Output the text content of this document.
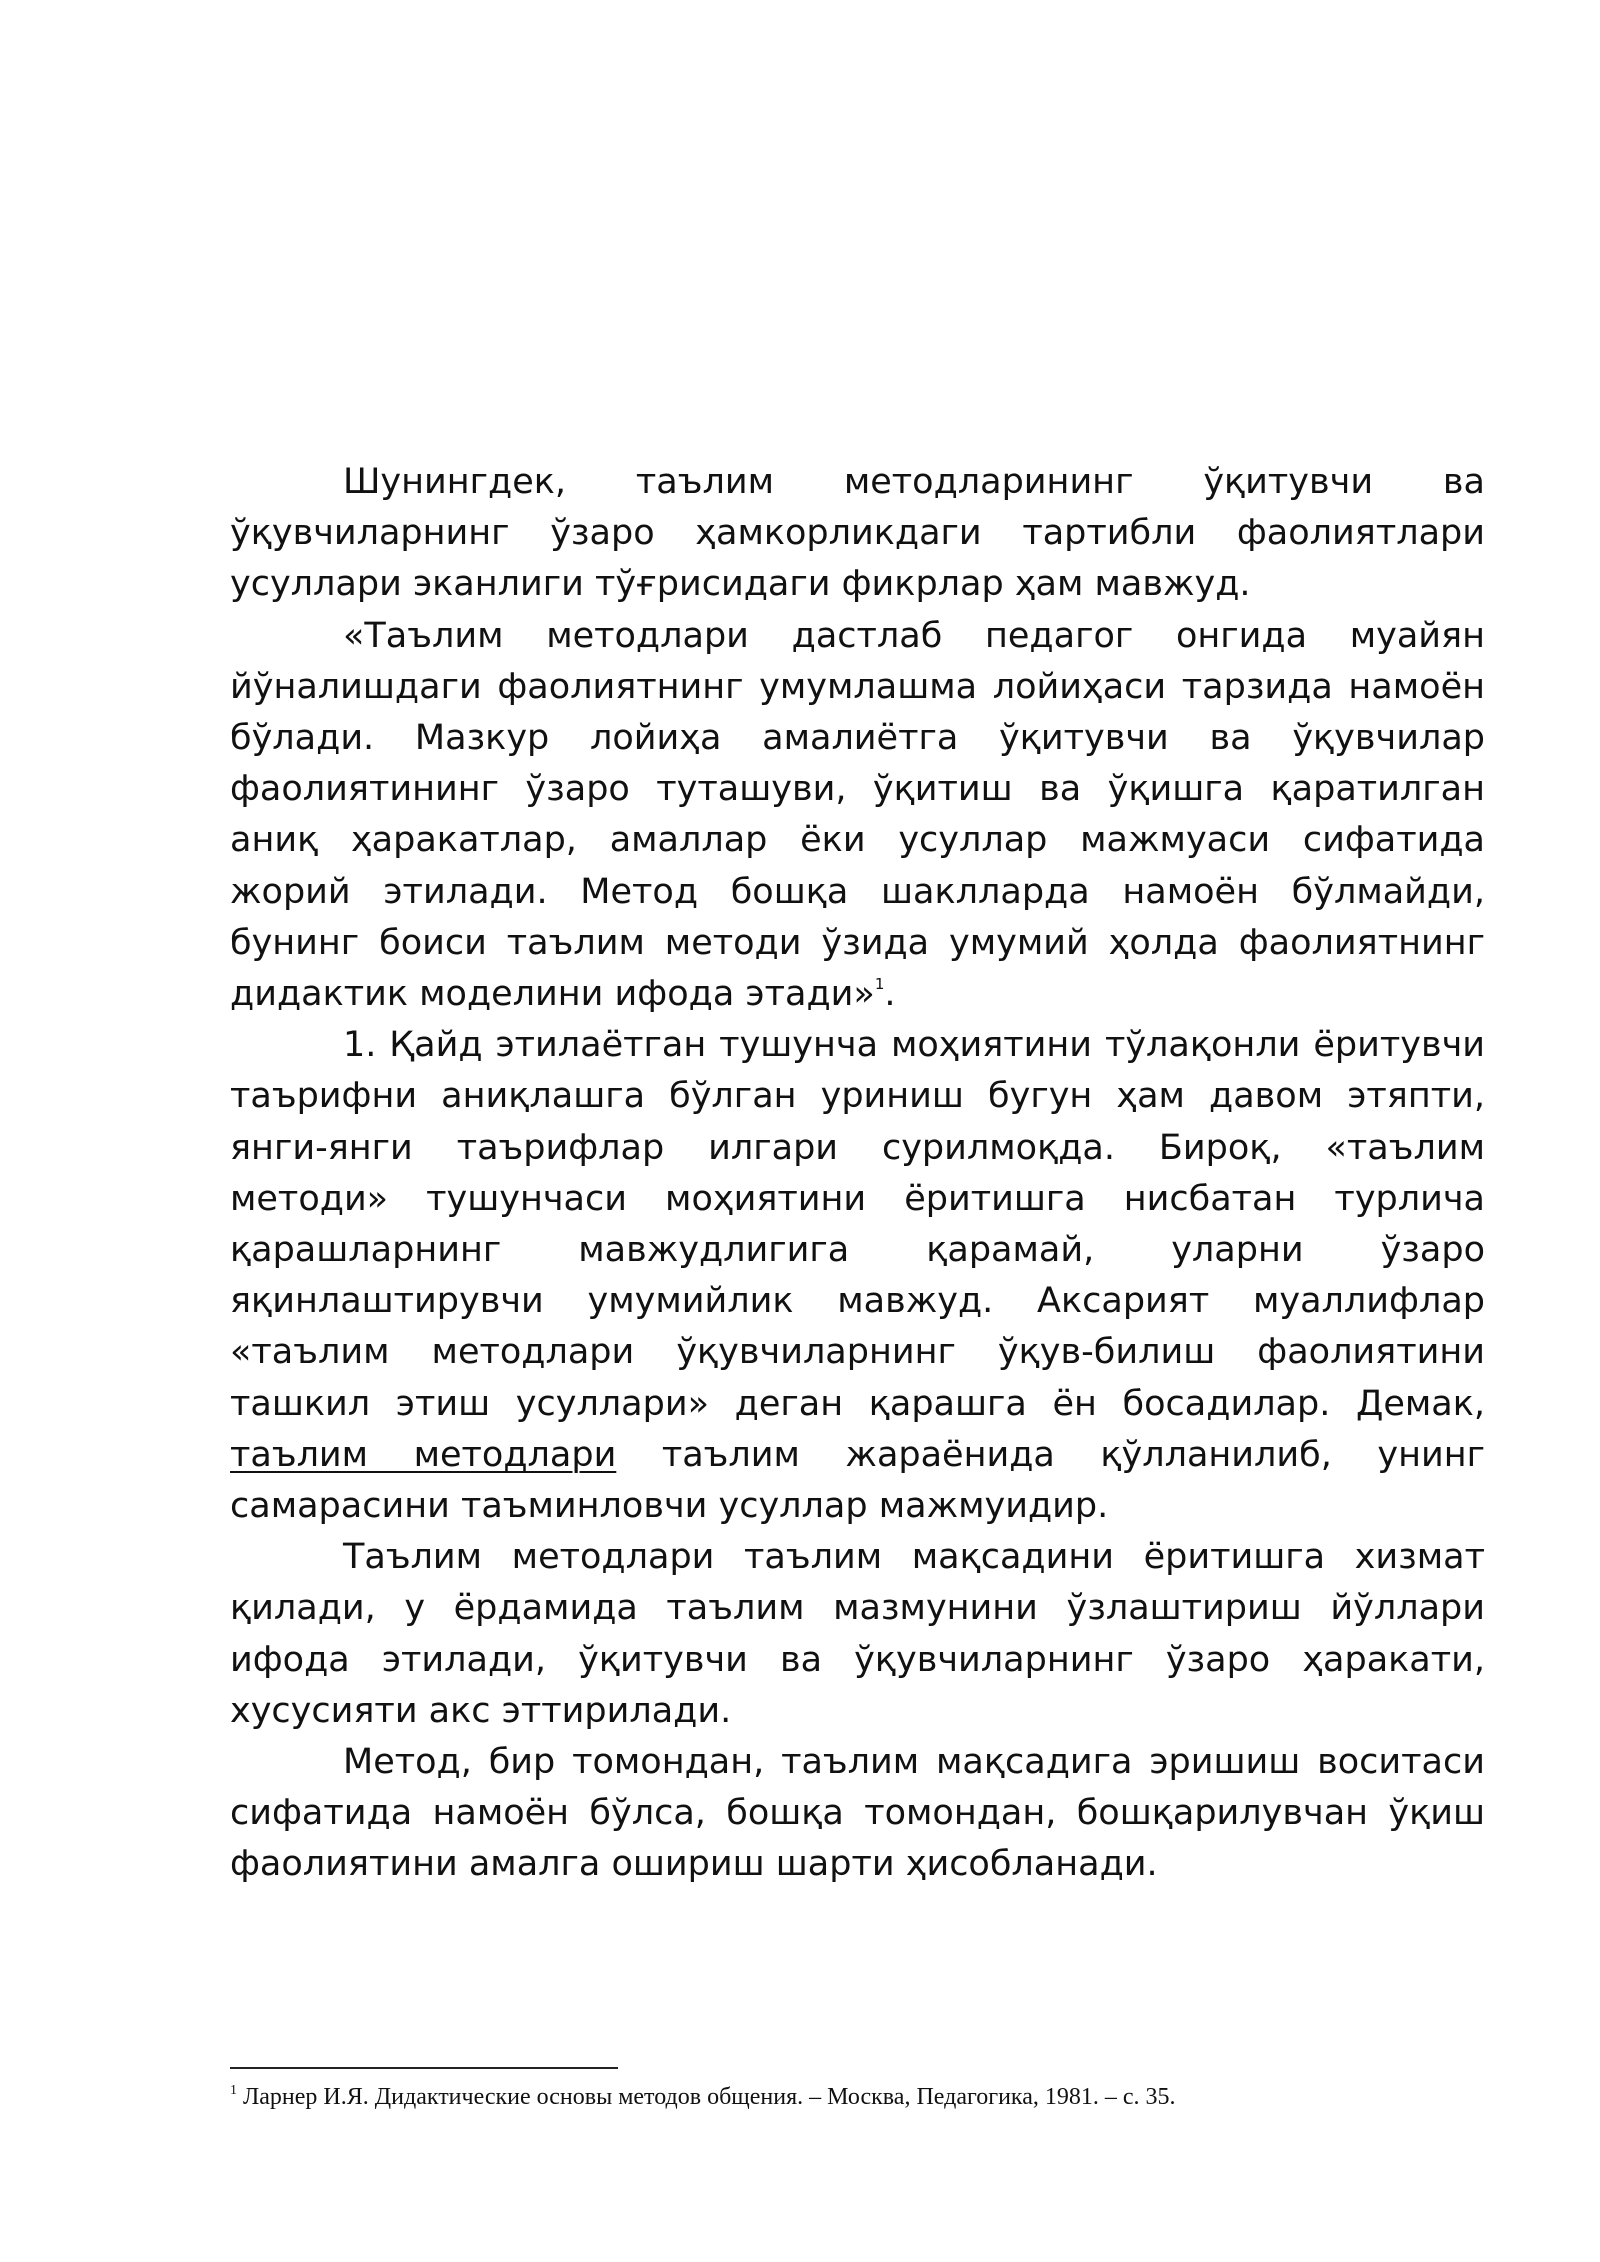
Шунингдек, таълим методларининг ўқитувчи ва ўқувчиларнинг ўзаро ҳамкорликдаги тартибли фаолиятлари усуллари эканлиги тўғрисидаги фикрлар ҳам мавжуд.

«Таълим методлари дастлаб педагог онгида муайян йўналишдаги фаолиятнинг умумлашма лойиҳаси тарзида намоён бўлади. Мазкур лойиҳа амалиётга ўқитувчи ва ўқувчилар фаолиятининг ўзаро туташуви, ўқитиш ва ўқишга қаратилган аниқ ҳаракатлар, амаллар ёки усуллар мажмуаси сифатида жорий этилади. Метод бошқа шаклларда намоён бўлмайди, бунинг боиси таълим методи ўзида умумий ҳолда фаолиятнинг дидактик моделини ифода этади»$^1$.

1. Қайд этилаётган тушунча моҳиятини тўлақонли ёритувчи таърифни аниқлашга бўлган уриниш бугун ҳам давом этяпти, янги-янги таърифлар илгари сурилмоқда. Бироқ, «таълим методи» тушунчаси моҳиятини ёритишга нисбатан турлича қарашларнинг мавжудлигига қарамай, уларни ўзаро яқинлаштирувчи умумийлик мавжуд. Аксарият муаллифлар «таълим методлари ўқувчиларнинг ўқув-билиш фаолиятини ташкил этиш усуллари» деган қарашга ён босадилар. Демак, таълим методлари таълим жараёнида қўлланилиб, унинг самарасини таъминловчи усуллар мажмуидир.

Таълим методлари таълим мақсадини ёритишга хизмат қилади, у ёрдамида таълим мазмунини ўзлаштириш йўллари ифода этилади, ўқитувчи ва ўқувчиларнинг ўзаро ҳаракати, хусусияти акс эттирилади.

Метод, бир томондан, таълим мақсадига эришиш воситаси сифатида намоён бўлса, бошқа томондан, бошқарилувчан ўқиш фаолиятини амалга ошириш шарти ҳисобланади.

$^1$ Ларнер И.Я. Дидактические основы методов общения. – Москва, Педагогика, 1981. – с. 35.
